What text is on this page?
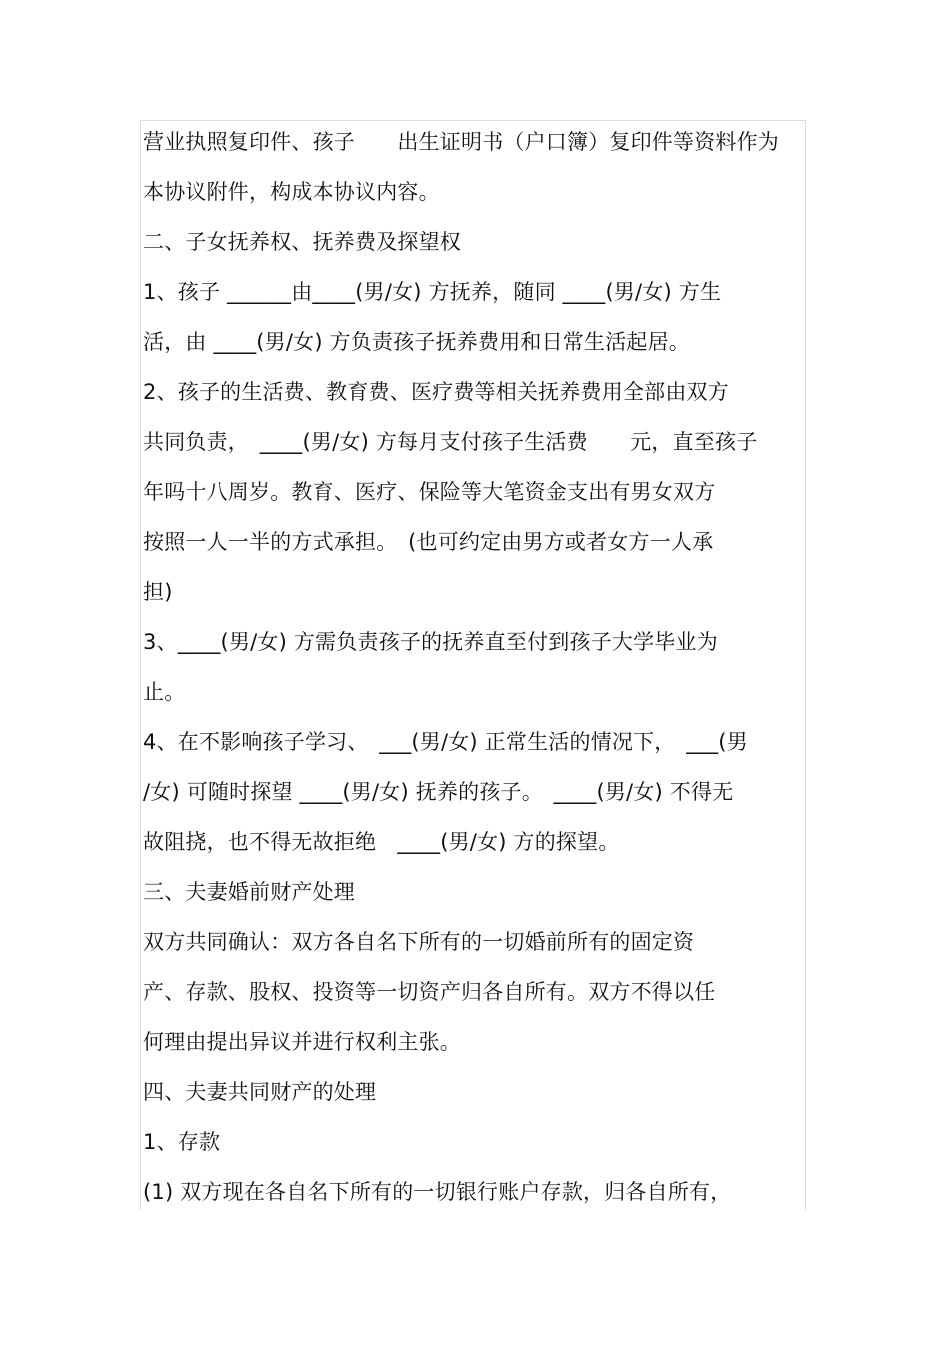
营业执照复印件、孩子　　出生证明书（户口簿）复印件等资料作为
本协议附件，构成本协议内容。
二、子女抚养权、抚养费及探望权
1、孩子 ______由____(男/女) 方抚养，随同 ____(男/女) 方生
活，由 ____(男/女) 方负责孩子抚养费用和日常生活起居。
2、孩子的生活费、教育费、医疗费等相关抚养费用全部由双方
共同负责，　____(男/女) 方每月支付孩子生活费　　元，直至孩子
年吗十八周岁。教育、医疗、保险等大笔资金支出有男女双方
按照一人一半的方式承担。　(也可约定由男方或者女方一人承
担)
3、____(男/女) 方需负责孩子的抚养直至付到孩子大学毕业为
止。
4、在不影响孩子学习、　___(男/女) 正常生活的情况下，　___(男
/女) 可随时探望 ____(男/女) 抚养的孩子。　____(男/女) 不得无
故阻挠，也不得无故拒绝　____(男/女) 方的探望。
三、夫妻婚前财产处理
双方共同确认：双方各自名下所有的一切婚前所有的固定资
产、存款、股权、投资等一切资产归各自所有。双方不得以任
何理由提出异议并进行权利主张。
四、夫妻共同财产的处理
1、存款
(1) 双方现在各自名下所有的一切银行账户存款，归各自所有，
